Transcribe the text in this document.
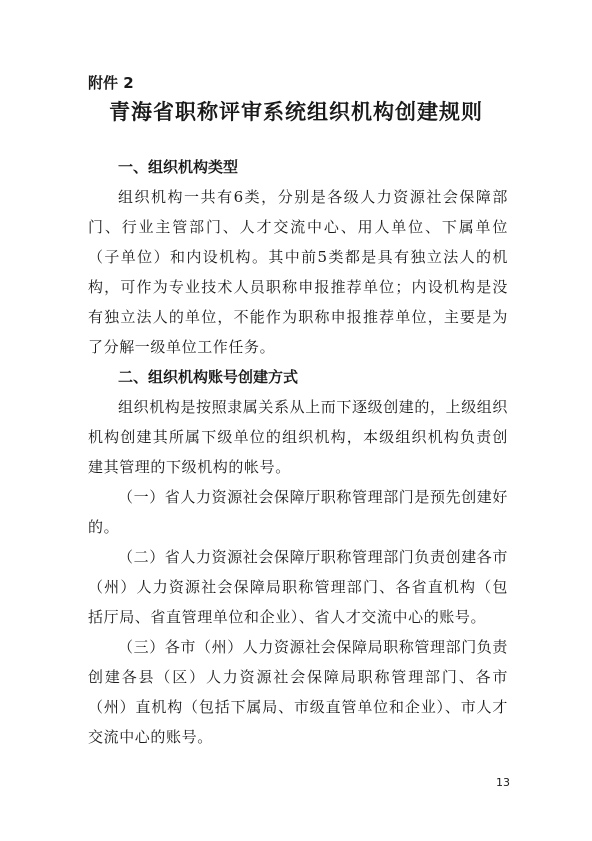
附件 2
青海省职称评审系统组织机构创建规则

一、组织机构类型

组织机构一共有6类，分别是各级人力资源社会保障部门、行业主管部门、人才交流中心、用人单位、下属单位（子单位）和内设机构。其中前5类都是具有独立法人的机构，可作为专业技术人员职称申报推荐单位；内设机构是没有独立法人的单位，不能作为职称申报推荐单位，主要是为了分解一级单位工作任务。

二、组织机构账号创建方式

组织机构是按照隶属关系从上而下逐级创建的，上级组织机构创建其所属下级单位的组织机构，本级组织机构负责创建其管理的下级机构的帐号。

（一）省人力资源社会保障厅职称管理部门是预先创建好的。

（二）省人力资源社会保障厅职称管理部门负责创建各市（州）人力资源社会保障局职称管理部门、各省直机构（包括厅局、省直管理单位和企业）、省人才交流中心的账号。

（三）各市（州）人力资源社会保障局职称管理部门负责创建各县（区）人力资源社会保障局职称管理部门、各市（州）直机构（包括下属局、市级直管单位和企业）、市人才交流中心的账号。

13
